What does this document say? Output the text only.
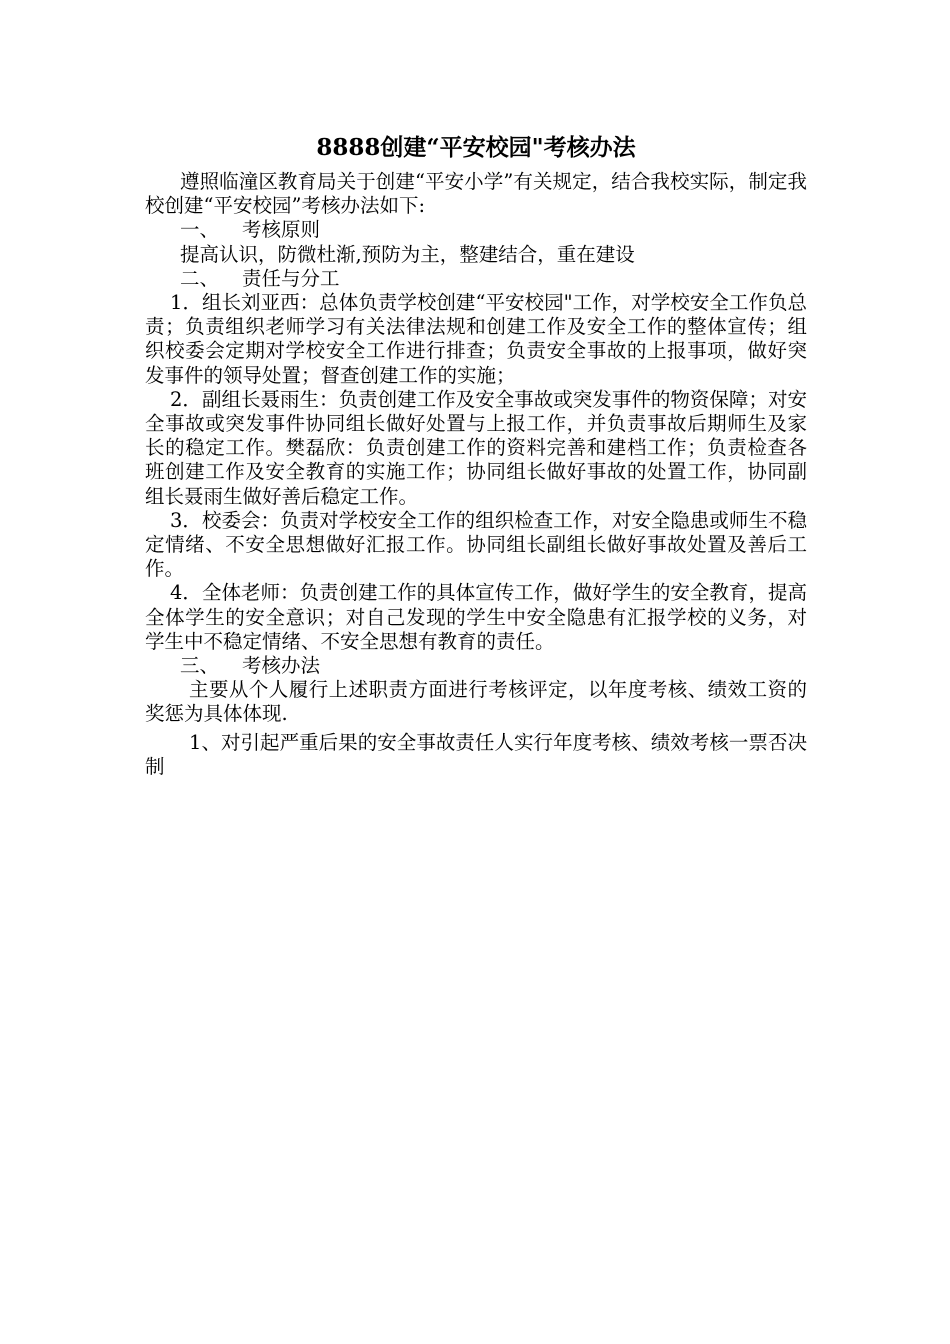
8888创建“平安校园"考核办法

遵照临潼区教育局关于创建“平安小学”有关规定，结合我校实际，制定我校创建“平安校园”考核办法如下:

一、 考核原则

提高认识，防微杜渐,预防为主，整建结合，重在建设

二、 责任与分工

1．组长刘亚西：总体负责学校创建“平安校园"工作，对学校安全工作负总责；负责组织老师学习有关法律法规和创建工作及安全工作的整体宣传；组织校委会定期对学校安全工作进行排查；负责安全事故的上报事项，做好突发事件的领导处置；督查创建工作的实施；

2．副组长聂雨生：负责创建工作及安全事故或突发事件的物资保障；对安全事故或突发事件协同组长做好处置与上报工作，并负责事故后期师生及家长的稳定工作。樊磊欣：负责创建工作的资料完善和建档工作；负责检查各班创建工作及安全教育的实施工作；协同组长做好事故的处置工作，协同副组长聂雨生做好善后稳定工作。

3．校委会：负责对学校安全工作的组织检查工作，对安全隐患或师生不稳定情绪、不安全思想做好汇报工作。协同组长副组长做好事故处置及善后工作。

4．全体老师：负责创建工作的具体宣传工作，做好学生的安全教育，提高全体学生的安全意识；对自己发现的学生中安全隐患有汇报学校的义务，对学生中不稳定情绪、不安全思想有教育的责任。

三、 考核办法

主要从个人履行上述职责方面进行考核评定，以年度考核、绩效工资的奖惩为具体体现.

1、对引起严重后果的安全事故责任人实行年度考核、绩效考核一票否决制
